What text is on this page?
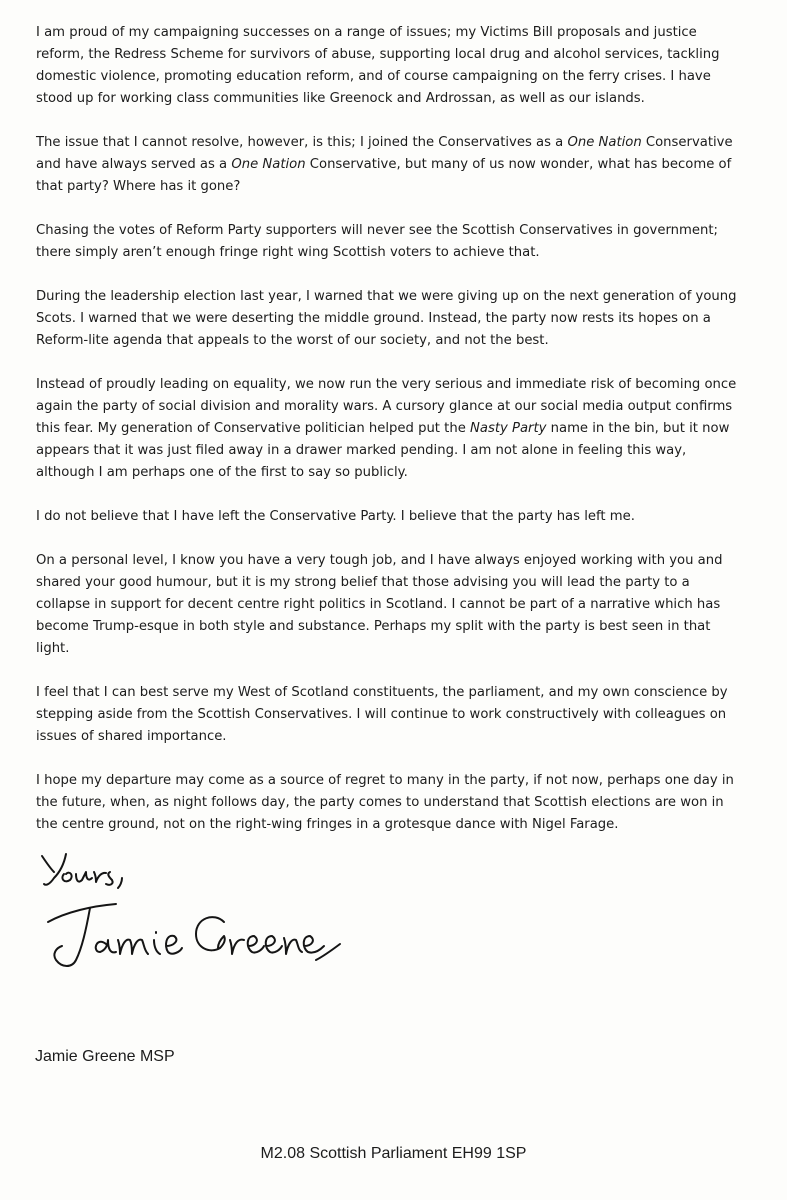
I am proud of my campaigning successes on a range of issues; my Victims Bill proposals and justice reform, the Redress Scheme for survivors of abuse, supporting local drug and alcohol services, tackling domestic violence, promoting education reform, and of course campaigning on the ferry crises. I have stood up for working class communities like Greenock and Ardrossan, as well as our islands.

The issue that I cannot resolve, however, is this; I joined the Conservatives as a One Nation Conservative and have always served as a One Nation Conservative, but many of us now wonder, what has become of that party? Where has it gone?

Chasing the votes of Reform Party supporters will never see the Scottish Conservatives in government; there simply aren’t enough fringe right wing Scottish voters to achieve that.

During the leadership election last year, I warned that we were giving up on the next generation of young Scots. I warned that we were deserting the middle ground. Instead, the party now rests its hopes on a Reform-lite agenda that appeals to the worst of our society, and not the best.

Instead of proudly leading on equality, we now run the very serious and immediate risk of becoming once again the party of social division and morality wars. A cursory glance at our social media output confirms this fear. My generation of Conservative politician helped put the Nasty Party name in the bin, but it now appears that it was just filed away in a drawer marked pending. I am not alone in feeling this way, although I am perhaps one of the first to say so publicly.

I do not believe that I have left the Conservative Party. I believe that the party has left me.

On a personal level, I know you have a very tough job, and I have always enjoyed working with you and shared your good humour, but it is my strong belief that those advising you will lead the party to a collapse in support for decent centre right politics in Scotland. I cannot be part of a narrative which has become Trump-esque in both style and substance. Perhaps my split with the party is best seen in that light.

I feel that I can best serve my West of Scotland constituents, the parliament, and my own conscience by stepping aside from the Scottish Conservatives. I will continue to work constructively with colleagues on issues of shared importance.

I hope my departure may come as a source of regret to many in the party, if not now, perhaps one day in the future, when, as night follows day, the party comes to understand that Scottish elections are won in the centre ground, not on the right-wing fringes in a grotesque dance with Nigel Farage.

Jamie Greene MSP
M2.08 Scottish Parliament EH99 1SP
